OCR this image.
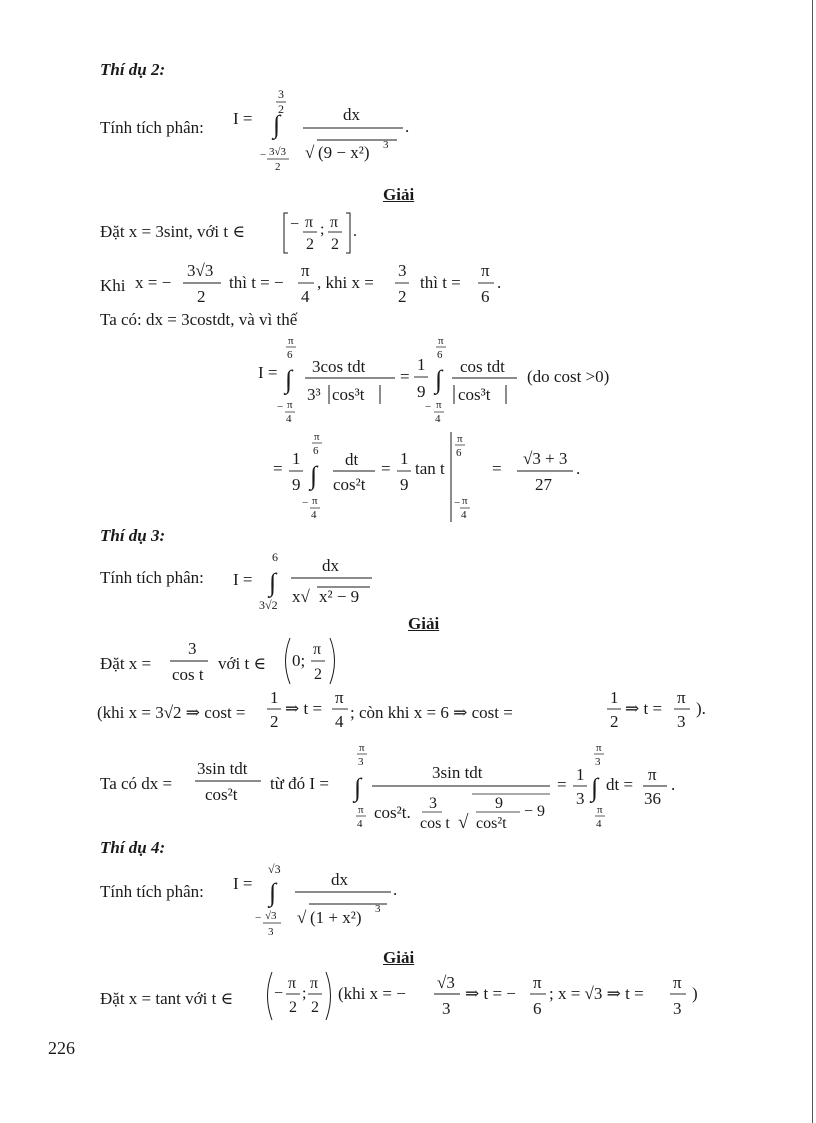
Thí dụ 2:
Tính tích phân: I =
3
2
∫
− 3√3
2
dx
√ (9 − x²) 3
.
Giải
Đặt x = 3sint, với t ∈	− π
2
; π
2
.
Khi x = −
3√3
2
thì t = −
π
4
, khi x =
3
2
thì t =
π
6
.
Ta có: dx = 3costdt, và vì thế
I =
π
6
∫
− π
4
3cos tdt
3³ cos³t
=
1
9
π
6
∫
− π
4
cos tdt
cos³t
(do cost >0)
=
1
9
π
6
∫
− π
4
dt
cos²t
=
1
9
tan t
π
6
− π
4
=
√3 + 3
27
.
Thí dụ 3:
Tính tích phân: I =
6
∫
3√2
dx
x√ x² − 9
Giải
Đặt x =
3
cos t
với t ∈ 0;
π
2
(khi x = 3√2 ⇒ cost =
1
2
⇒ t =
π
4 ; còn khi x = 6 ⇒ cost =
1
2
⇒ t =
π
3
).
Ta có dx =
3sin tdt
cos²t
từ đó I =
π
3
∫
π
4
3sin tdt
cos²t. 3
cos t √
9
cos²t
− 9
=
1
3
π
3
∫
π
4
dt =
π
36
.
Thí dụ 4:
Tính tích phân: I =
√3
∫
− √3
3
dx
√ (1 + x²) 3
.
Giải
Đặt x = tant với t ∈	−
π
2
;
π
2
(khi x = −
√3
3
⇒ t = −
π
6
; x = √3 ⇒ t =
π
3
)
226
